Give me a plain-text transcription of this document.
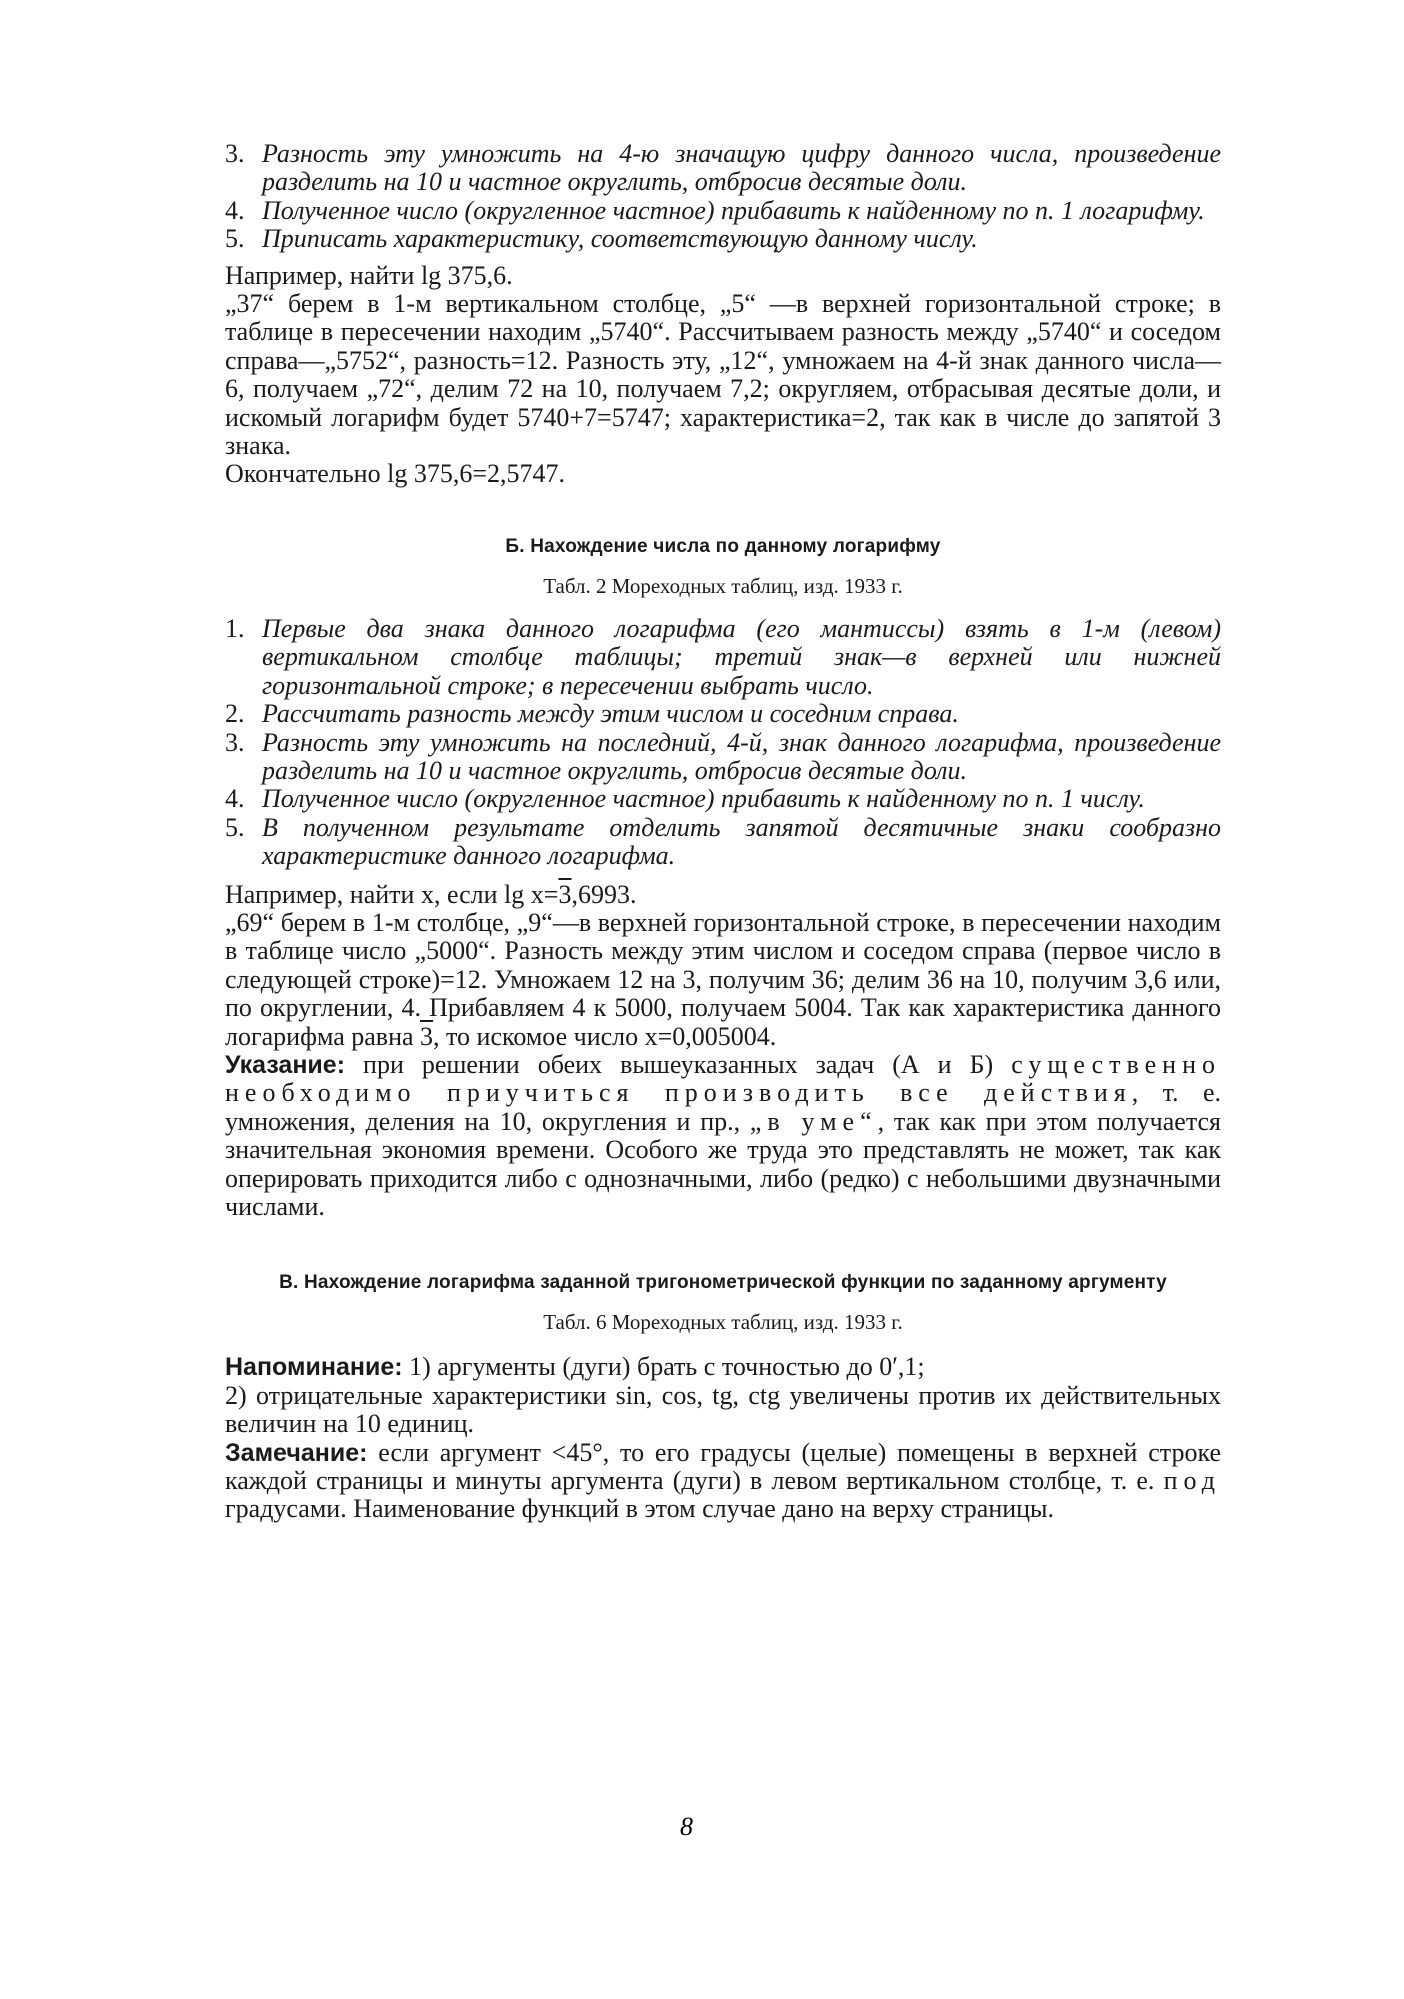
3. Разность эту умножить на 4-ю значащую цифру данного числа, произведение разделить на 10 и частное округлить, отбросив десятые доли.
4. Полученное число (округленное частное) прибавить к найденному по п. 1 логарифму.
5. Приписать характеристику, соответствующую данному числу.

Например, найти lg 375,6.

„37“ берем в 1-м вертикальном столбце, „5“ —в верхней горизонтальной строке; в таблице в пересечении находим „5740“. Рассчитываем разность между „5740“ и соседом справа—„5752“, разность=12. Разность эту, „12“, умножаем на 4-й знак данного числа—6, получаем „72“, делим 72 на 10, получаем 7,2; округляем, отбрасывая десятые доли, и искомый логарифм будет 5740+7=5747; характеристика=2, так как в числе до запятой 3 знака.

Окончательно lg 375,6=2,5747.

Б. Нахождение числа по данному логарифму

Табл. 2 Мореходных таблиц, изд. 1933 г.

1. Первые два знака данного логарифма (его мантиссы) взять в 1-м (левом) вертикальном столбце таблицы; третий знак—в верхней или нижней горизонтальной строке; в пересечении выбрать число.
2. Рассчитать разность между этим числом и соседним справа.
3. Разность эту умножить на последний, 4-й, знак данного логарифма, произведение разделить на 10 и частное округлить, отбросив десятые доли.
4. Полученное число (округленное частное) прибавить к найденному по п. 1 числу.
5. В полученном результате отделить запятой десятичные знаки сообразно характеристике данного логарифма.

Например, найти x, если lg x=3,6993.

„69“ берем в 1-м столбце, „9“—в верхней горизонтальной строке, в пересечении находим в таблице число „5000“. Разность между этим числом и соседом справа (первое число в следующей строке)=12. Умножаем 12 на 3, получим 36; делим 36 на 10, получим 3,6 или, по округлении, 4. Прибавляем 4 к 5000, получаем 5004. Так как характеристика данного логарифма равна 3, то искомое число x=0,005004.

Указание: при решении обеих вышеуказанных задач (А и Б) существенно необходимо приучиться производить все действия, т. е. умножения, деления на 10, округления и пр., „в уме“, так как при этом получается значительная экономия времени. Особого же труда это представлять не может, так как оперировать приходится либо с однозначными, либо (редко) с небольшими двузначными числами.

В. Нахождение логарифма заданной тригонометрической функции по заданному аргументу

Табл. 6 Мореходных таблиц, изд. 1933 г.

Напоминание: 1) аргументы (дуги) брать с точностью до 0′,1;

2) отрицательные характеристики sin, cos, tg, ctg увеличены против их действительных величин на 10 единиц.

Замечание: если аргумент <45°, то его градусы (целые) помещены в верхней строке каждой страницы и минуты аргумента (дуги) в левом вертикальном столбце, т. е. под градусами. Наименование функций в этом случае дано на верху страницы.

8
